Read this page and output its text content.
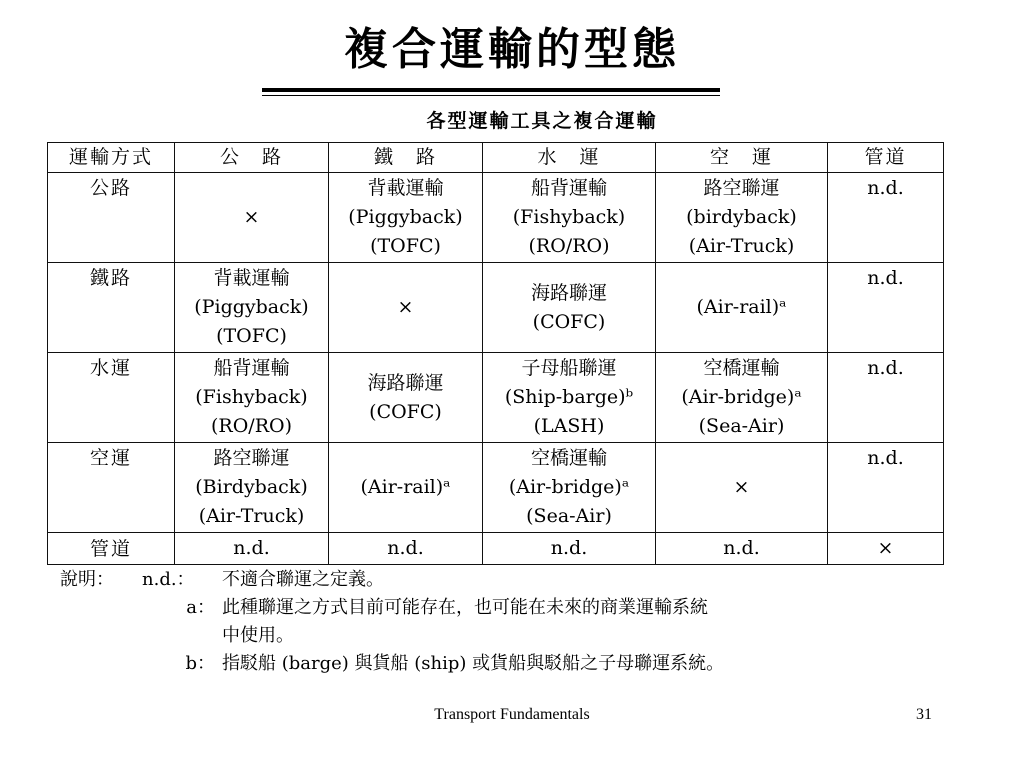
複合運輸的型態
各型運輸工具之複合運輸
運輸方式	公　路	鐵　路	水　運	空　運	管道
公路	×	背載運輸
(Piggyback)
(TOFC)	船背運輸
(Fishyback)
(RO/RO)	路空聯運
(birdyback)
(Air-Truck)	n.d.

鐵路	背載運輸
(Piggyback)
(TOFC)	×	海路聯運
(COFC)	(Air-rail)ᵃ	n.d.

水運	船背運輸
(Fishyback)
(RO/RO)	海路聯運
(COFC)	子母船聯運
(Ship-barge)ᵇ
(LASH)	空橋運輸
(Air-bridge)ᵃ
(Sea-Air)	n.d.

空運	路空聯運
(Birdyback)
(Air-Truck)	(Air-rail)ᵃ	空橋運輸
(Air-bridge)ᵃ
(Sea-Air)	×	n.d.

管道	n.d.	n.d.	n.d.	n.d.	×
說明： n.d.： 不適合聯運之定義。
a： 此種聯運之方式目前可能存在，也可能在未來的商業運輸系統
中使用。
b： 指駁船 (barge) 與貨船 (ship) 或貨船與駁船之子母聯運系統。
Transport Fundamentals	31
